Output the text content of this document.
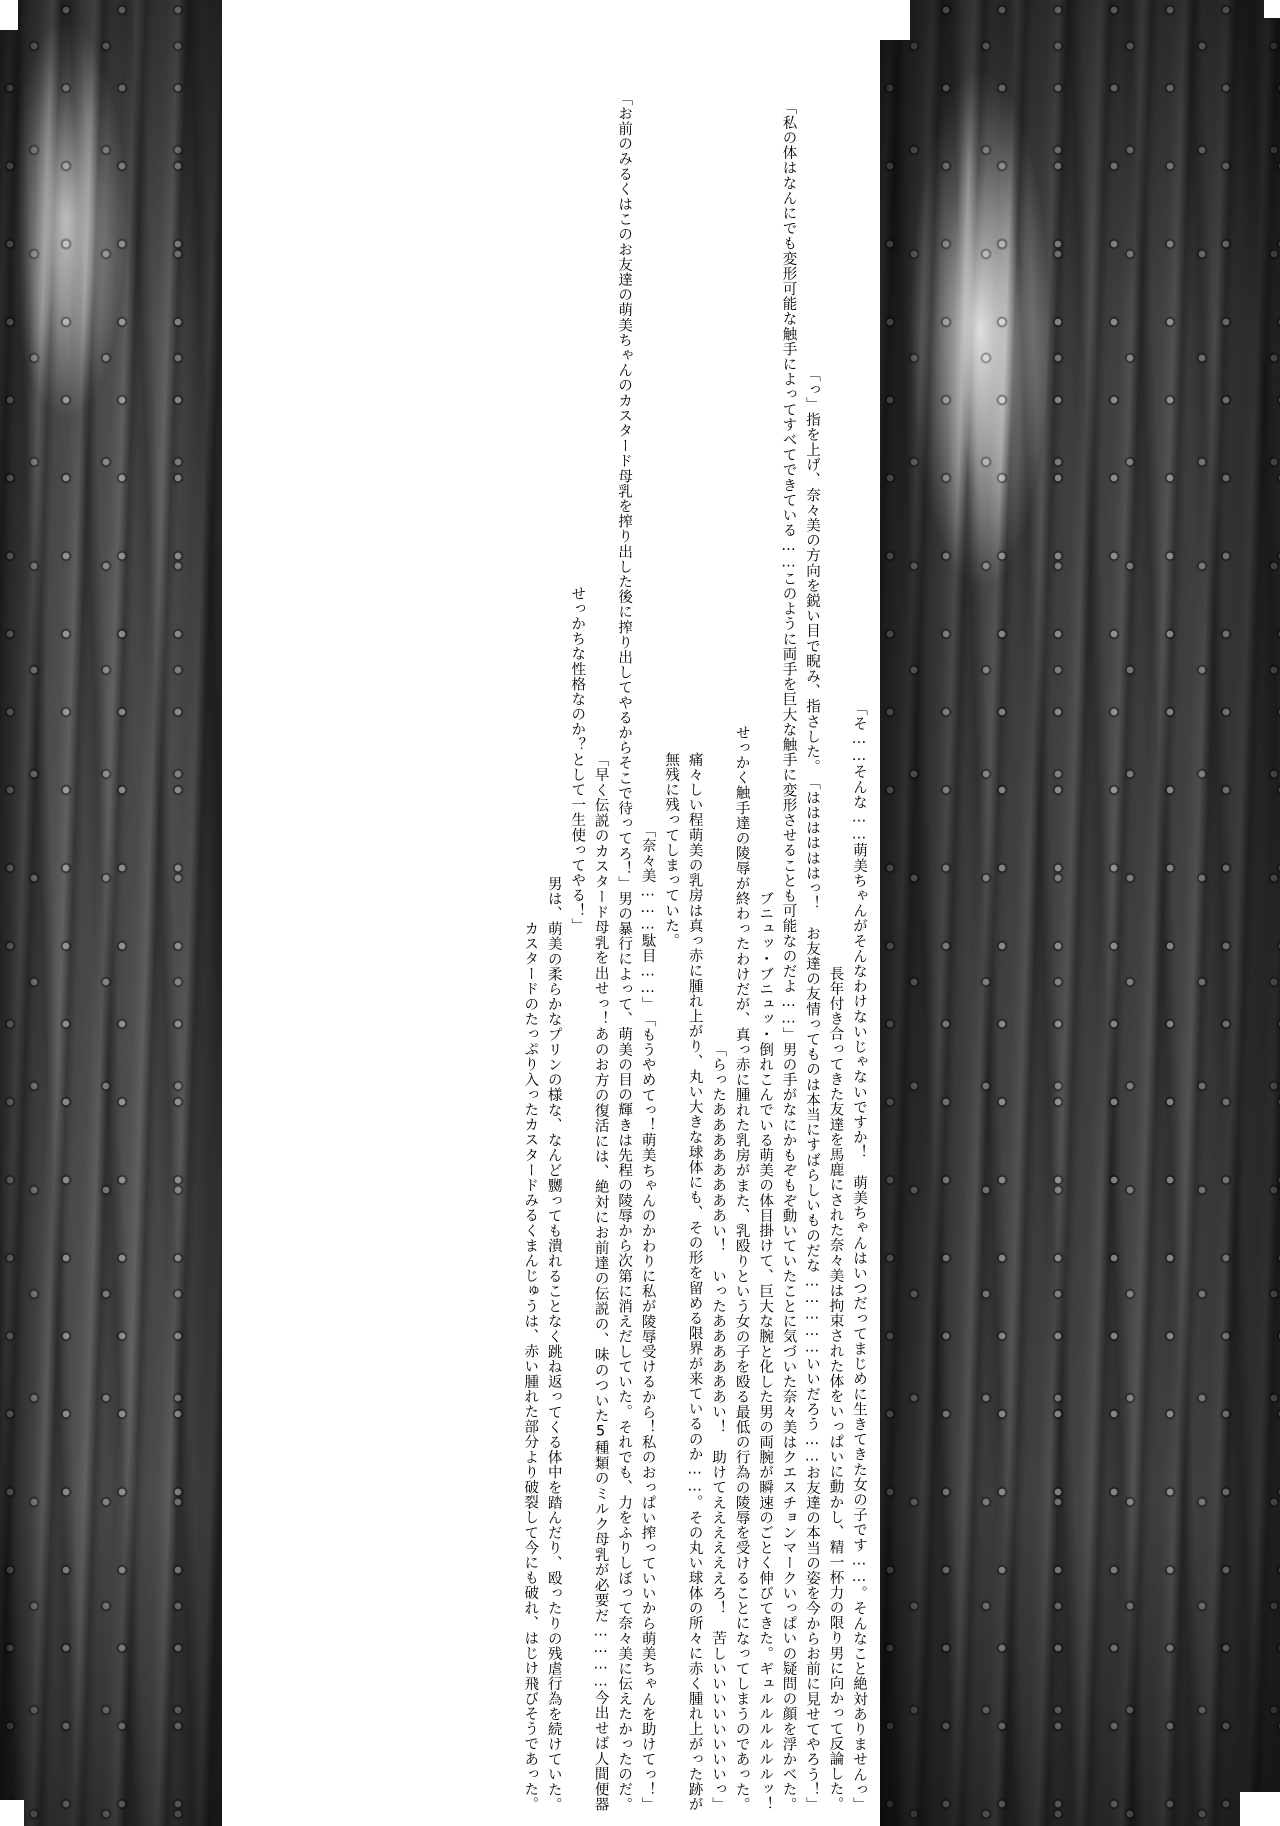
「そ……そんな……萌美ちゃんがそんなわけないじゃないですか！　萌美ちゃんはいつだってまじめに生きてきた女の子です……。そんなこと絶対ありませんっ」

長年付き合ってきた友達を馬鹿にされた奈々美は拘束された体をいっぱいに動かし、精一杯力の限り男に向かって反論した。

「ははははははっ！　お友達の友情ってものは本当にすばらしいものだな……………いいだろう……お友達の本当の姿を今からお前に見せてやろう！」

指を上げ、奈々美の方向を鋭い目で睨み、指さした。

「っ」

男の手がなにかもぞもぞ動いていたことに気づいた奈々美はクエスチョンマークいっぱいの疑問の顔を浮かべた。

「私の体はなんにでも変形可能な触手によってすべてできている……このように両手を巨大な触手に変形させることも可能なのだよ……」

ギュルルルルルルッ！

倒れこんでいる萌美の体目掛けて、巨大な腕と化した男の両腕が瞬速のごとく伸びてきた。

ブニュッ・ブニュッ・

せっかく触手達の陵辱が終わったわけだが、真っ赤に腫れた乳房がまた、乳殴りという女の子を殴る最低の行為の陵辱を受けることになってしまうのであった。

「らったああああああああい！　いったああああああい！　助けてええええええろ！　苦しいいいいいいいいっ」

痛々しい程萌美の乳房は真っ赤に腫れ上がり、丸い大きな球体にも、その形を留める限界が来ているのか……。その丸い球体の所々に赤く腫れ上がった跡が無残に残ってしまっていた。

「もうやめてっ！萌美ちゃんのかわりに私が陵辱受けるから！私のおっぱい搾っていいから萌美ちゃんを助けてっ！」

「奈々美………駄目……」

男の暴行によって、萌美の目の輝きは先程の陵辱から次第に消えだしていた。それでも、力をふりしぼって奈々美に伝えたかったのだ。

「お前のみるくはこのお友達の萌美ちゃんのカスタード母乳を搾り出した後に搾り出してやるからそこで待ってろ！」

「早く伝説のカスタード母乳を出せっ！あのお方の復活には、絶対にお前達の伝説の、味のついた5種類のミルク母乳が必要だ…………今出せば人間便器として一生使ってやる！」

せっかちな性格なのか？

男は、萌美の柔らかなプリンの様な、なんど嬲っても潰れることなく跳ね返ってくる体中を踏んだり、殴ったりの残虐行為を続けていた。

カスタードのたっぷり入ったカスタードみるくまんじゅうは、赤い腫れた部分より破裂して今にも破れ、はじけ飛びそうであった。
